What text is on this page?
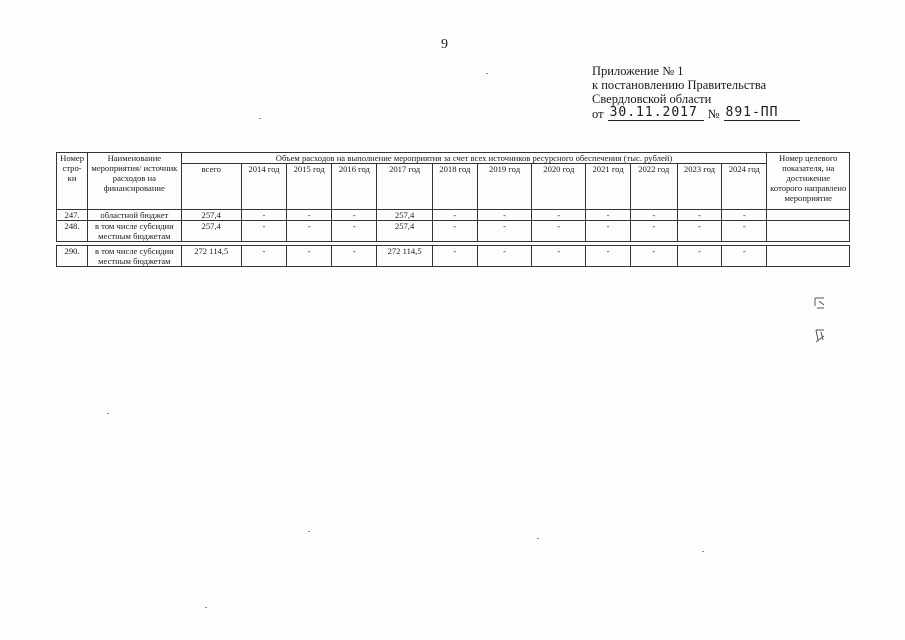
9
Приложение № 1
к постановлению Правительства
Свердловской области
от 30.11.2017 № 891-ПП
Номер стро-ки	Наименование мероприятия/ источник расходов на финансирование	Объем расходов на выполнение мероприятия за счет всех источников ресурсного обеспечения (тыс. рублей)												Номер целевого показателя, на достижение которого направлено мероприятие
		всего	2014 год	2015 год	2016 год	2017 год	2018 год	2019 год	2020 год	2021 год	2022 год	2023 год	2024 год	
247.	областной бюджет	257,4	-	-	-	257,4	-	-	-	-	-	-	-	
248.	в том числе субсидии местным бюджетам	257,4	-	-	-	257,4	-	-	-	-	-	-	-	

290.	в том числе субсидии местным бюджетам	272 114,5	-	-	-	272 114,5	-	-	-	-	-	-	-	
